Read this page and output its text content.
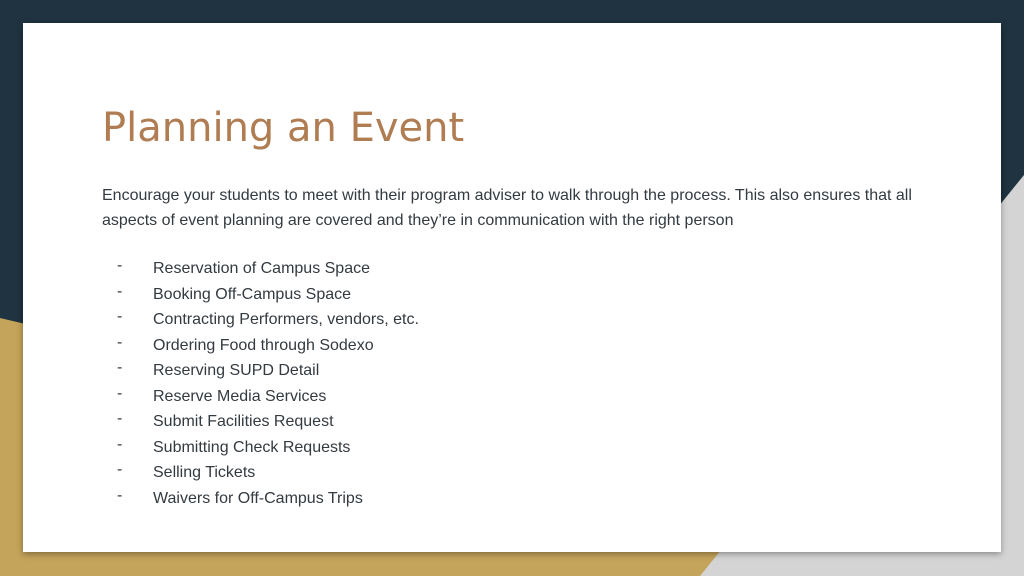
Planning an Event

Encourage your students to meet with their program adviser to walk through the process. This also ensures that all aspects of event planning are covered and they’re in communication with the right person

- Reservation of Campus Space
- Booking Off-Campus Space
- Contracting Performers, vendors, etc.
- Ordering Food through Sodexo
- Reserving SUPD Detail
- Reserve Media Services
- Submit Facilities Request
- Submitting Check Requests
- Selling Tickets
- Waivers for Off-Campus Trips
